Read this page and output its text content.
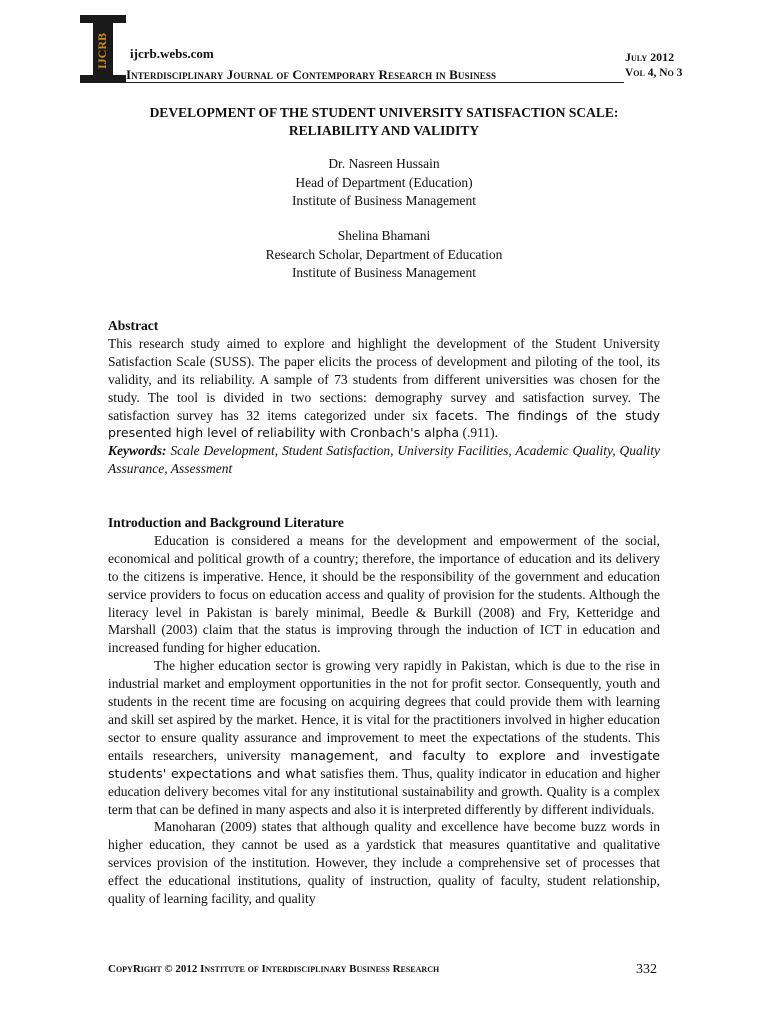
IJCRB ijcrb.webs.com
Interdisciplinary Journal of Contemporary Research in Business
July 2012
Vol 4, No 3
DEVELOPMENT OF THE STUDENT UNIVERSITY SATISFACTION SCALE:
RELIABILITY AND VALIDITY
Dr. Nasreen Hussain
Head of Department (Education)
Institute of Business Management
Shelina Bhamani
Research Scholar, Department of Education
Institute of Business Management
Abstract
This research study aimed to explore and highlight the development of the Student University Satisfaction Scale (SUSS). The paper elicits the process of development and piloting of the tool, its validity, and its reliability. A sample of 73 students from different universities was chosen for the study. The tool is divided in two sections: demography survey and satisfaction survey. The satisfaction survey has 32 items categorized under six facets. The findings of the study presented high level of reliability with Cronbach's alpha (.911).
Keywords: Scale Development, Student Satisfaction, University Facilities, Academic Quality, Quality Assurance, Assessment
Introduction and Background Literature
Education is considered a means for the development and empowerment of the social, economical and political growth of a country; therefore, the importance of education and its delivery to the citizens is imperative. Hence, it should be the responsibility of the government and education service providers to focus on education access and quality of provision for the students. Although the literacy level in Pakistan is barely minimal, Beedle & Burkill (2008) and Fry, Ketteridge and Marshall (2003) claim that the status is improving through the induction of ICT in education and increased funding for higher education.
The higher education sector is growing very rapidly in Pakistan, which is due to the rise in industrial market and employment opportunities in the not for profit sector. Consequently, youth and students in the recent time are focusing on acquiring degrees that could provide them with learning and skill set aspired by the market. Hence, it is vital for the practitioners involved in higher education sector to ensure quality assurance and improvement to meet the expectations of the students. This entails researchers, university management, and faculty to explore and investigate students' expectations and what satisfies them. Thus, quality indicator in education and higher education delivery becomes vital for any institutional sustainability and growth. Quality is a complex term that can be defined in many aspects and also it is interpreted differently by different individuals.
Manoharan (2009) states that although quality and excellence have become buzz words in higher education, they cannot be used as a yardstick that measures quantitative and qualitative services provision of the institution. However, they include a comprehensive set of processes that effect the educational institutions, quality of instruction, quality of faculty, student relationship, quality of learning facility, and quality
CopyRight © 2012 Institute of Interdisciplinary Business Research	332
